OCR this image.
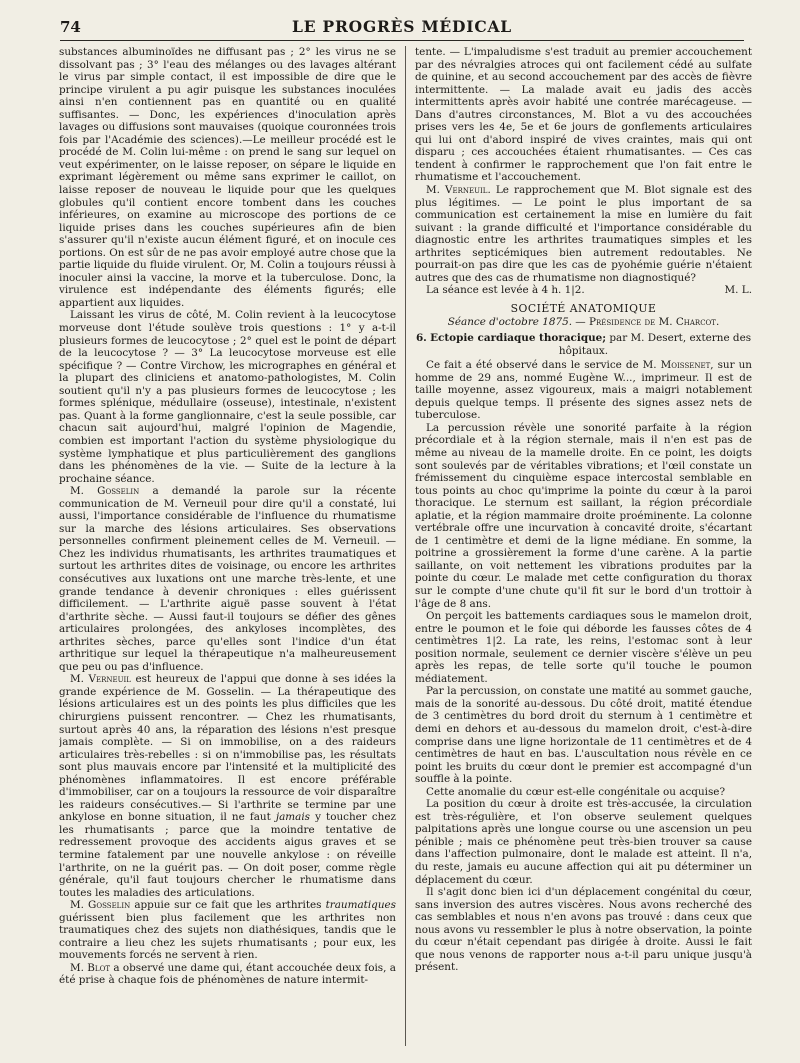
74	LE PROGRÈS MÉDICAL

substances albuminoïdes ne diffusant pas ; 2° les virus ne se dissolvant pas ; 3° l'eau des mélanges ou des lavages altérant le virus par simple contact, il est impossible de dire que le principe virulent a pu agir puisque les substances inoculées ainsi n'en contiennent pas en quantité ou en qualité suffisantes. — Donc, les expériences d'inoculation après lavages ou diffusions sont mauvaises (quoique couronnées trois fois par l'Académie des sciences).—Le meilleur procédé est le procédé de M. Colin lui-même : on prend le sang sur lequel on veut expérimenter, on le laisse reposer, on sépare le liquide en exprimant légèrement ou même sans exprimer le caillot, on laisse reposer de nouveau le liquide pour que les quelques globules qu'il contient encore tombent dans les couches inférieures, on examine au microscope des portions de ce liquide prises dans les couches supérieures afin de bien s'assurer qu'il n'existe aucun élément figuré, et on inocule ces portions. On est sûr de ne pas avoir employé autre chose que la partie liquide du fluide virulent. Or, M. Colin a toujours réussi à inoculer ainsi la vaccine, la morve et la tuberculose. Donc, la virulence est indépendante des éléments figurés; elle appartient aux liquides.

Laissant les virus de côté, M. Colin revient à la leucocytose morveuse dont l'étude soulève trois questions : 1° y a-t-il plusieurs formes de leucocytose ; 2° quel est le point de départ de la leucocytose ? — 3° La leucocytose morveuse est elle spécifique ? — Contre Virchow, les micrographes en général et la plupart des cliniciens et anatomo-pathologistes, M. Colin soutient qu'il n'y a pas plusieurs formes de leucocytose ; les formes splénique, médullaire (osseuse), intestinale, n'existent pas. Quant à la forme ganglionnaire, c'est la seule possible, car chacun sait aujourd'hui, malgré l'opinion de Magendie, combien est important l'action du système physiologique du système lymphatique et plus particulièrement des ganglions dans les phénomènes de la vie. — Suite de la lecture à la prochaine séance.

M. Gosselin a demandé la parole sur la récente communication de M. Verneuil pour dire qu'il a constaté, lui aussi, l'importance considérable de l'influence du rhumatisme sur la marche des lésions articulaires. Ses observations personnelles confirment pleinement celles de M. Verneuil. — Chez les individus rhumatisants, les arthrites traumatiques et surtout les arthrites dites de voisinage, ou encore les arthrites consécutives aux luxations ont une marche très-lente, et une grande tendance à devenir chroniques : elles guérissent difficilement. — L'arthrite aiguë passe souvent à l'état d'arthrite sèche. — Aussi faut-il toujours se défier des gênes articulaires prolongées, des ankyloses incomplètes, des arthrites sèches, parce qu'elles sont l'indice d'un état arthritique sur lequel la thérapeutique n'a malheureusement que peu ou pas d'influence.

M. Verneuil est heureux de l'appui que donne à ses idées la grande expérience de M. Gosselin. — La thérapeutique des lésions articulaires est un des points les plus difficiles que les chirurgiens puissent rencontrer. — Chez les rhumatisants, surtout après 40 ans, la réparation des lésions n'est presque jamais complète. — Si on immobilise, on a des raideurs articulaires très-rebelles : si on n'immobilise pas, les résultats sont plus mauvais encore par l'intensité et la multiplicité des phénomènes inflammatoires. Il est encore préférable d'immobiliser, car on a toujours la ressource de voir disparaître les raideurs consécutives.— Si l'arthrite se termine par une ankylose en bonne situation, il ne faut jamais y toucher chez les rhumatisants ; parce que la moindre tentative de redressement provoque des accidents aigus graves et se termine fatalement par une nouvelle ankylose : on réveille l'arthrite, on ne la guérit pas. — On doit poser, comme règle générale, qu'il faut toujours chercher le rhumatisme dans toutes les maladies des articulations.

M. Gosselin appuie sur ce fait que les arthrites traumatiques guérissent bien plus facilement que les arthrites non traumatiques chez des sujets non diathésiques, tandis que le contraire a lieu chez les sujets rhumatisants ; pour eux, les mouvements forcés ne servent à rien.

M. Blot a observé une dame qui, étant accouchée deux fois, a été prise à chaque fois de phénomènes de nature intermit-

tente. — L'impaludisme s'est traduit au premier accouchement par des névralgies atroces qui ont facilement cédé au sulfate de quinine, et au second accouchement par des accès de fièvre intermittente. — La malade avait eu jadis des accès intermittents après avoir habité une contrée marécageuse. — Dans d'autres circonstances, M. Blot a vu des accouchées prises vers les 4e, 5e et 6e jours de gonflements articulaires qui lui ont d'abord inspiré de vives craintes, mais qui ont disparu ; ces accouchées étaient rhumatisantes. — Ces cas tendent à confirmer le rapprochement que l'on fait entre le rhumatisme et l'accouchement.

M. Verneuil. Le rapprochement que M. Blot signale est des plus légitimes. — Le point le plus important de sa communication est certainement la mise en lumière du fait suivant : la grande difficulté et l'importance considérable du diagnostic entre les arthrites traumatiques simples et les arthrites septicémiques bien autrement redoutables. Ne pourrait-on pas dire que les cas de pyohémie guérie n'étaient autres que des cas de rhumatisme non diagnostiqué?

La séance est levée à 4 h. 1|2.	M. L.
SOCIÉTÉ ANATOMIQUE
Séance d'octobre 1875. — Présidence de M. Charcot.
6. Ectopie cardiaque thoracique; par M. Desert, externe des hôpitaux.

Ce fait a été observé dans le service de M. Moissenet, sur un homme de 29 ans, nommé Eugène W..., imprimeur. Il est de taille moyenne, assez vigoureux, mais a maigri notablement depuis quelque temps. Il présente des signes assez nets de tuberculose.

La percussion révèle une sonorité parfaite à la région précordiale et à la région sternale, mais il n'en est pas de même au niveau de la mamelle droite. En ce point, les doigts sont soulevés par de véritables vibrations; et l'œil constate un frémissement du cinquième espace intercostal semblable en tous points au choc qu'imprime la pointe du cœur à la paroi thoracique. Le sternum est saillant, la région précordiale aplatie, et la région mammaire droite proéminente. La colonne vertébrale offre une incurvation à concavité droite, s'écartant de 1 centimètre et demi de la ligne médiane. En somme, la poitrine a grossièrement la forme d'une carène. A la partie saillante, on voit nettement les vibrations produites par la pointe du cœur. Le malade met cette configuration du thorax sur le compte d'une chute qu'il fit sur le bord d'un trottoir à l'âge de 8 ans.

On perçoit les battements cardiaques sous le mamelon droit, entre le poumon et le foie qui déborde les fausses côtes de 4 centimètres 1|2. La rate, les reins, l'estomac sont à leur position normale, seulement ce dernier viscère s'élève un peu après les repas, de telle sorte qu'il touche le poumon médiatement.

Par la percussion, on constate une matité au sommet gauche, mais de la sonorité au-dessous. Du côté droit, matité étendue de 3 centimètres du bord droit du sternum à 1 centimètre et demi en dehors et au-dessous du mamelon droit, c'est-à-dire comprise dans une ligne horizontale de 11 centimètres et de 4 centimètres de haut en bas. L'auscultation nous révèle en ce point les bruits du cœur dont le premier est accompagné d'un souffle à la pointe.

Cette anomalie du cœur est-elle congénitale ou acquise?

La position du cœur à droite est très-accusée, la circulation est très-régulière, et l'on observe seulement quelques palpitations après une longue course ou une ascension un peu pénible ; mais ce phénomène peut très-bien trouver sa cause dans l'affection pulmonaire, dont le malade est atteint. Il n'a, du reste, jamais eu aucune affection qui ait pu déterminer un déplacement du cœur.

Il s'agit donc bien ici d'un déplacement congénital du cœur, sans inversion des autres viscères. Nous avons recherché des cas semblables et nous n'en avons pas trouvé : dans ceux que nous avons vu ressembler le plus à notre observation, la pointe du cœur n'était cependant pas dirigée à droite. Aussi le fait que nous venons de rapporter nous a-t-il paru unique jusqu'à présent.
